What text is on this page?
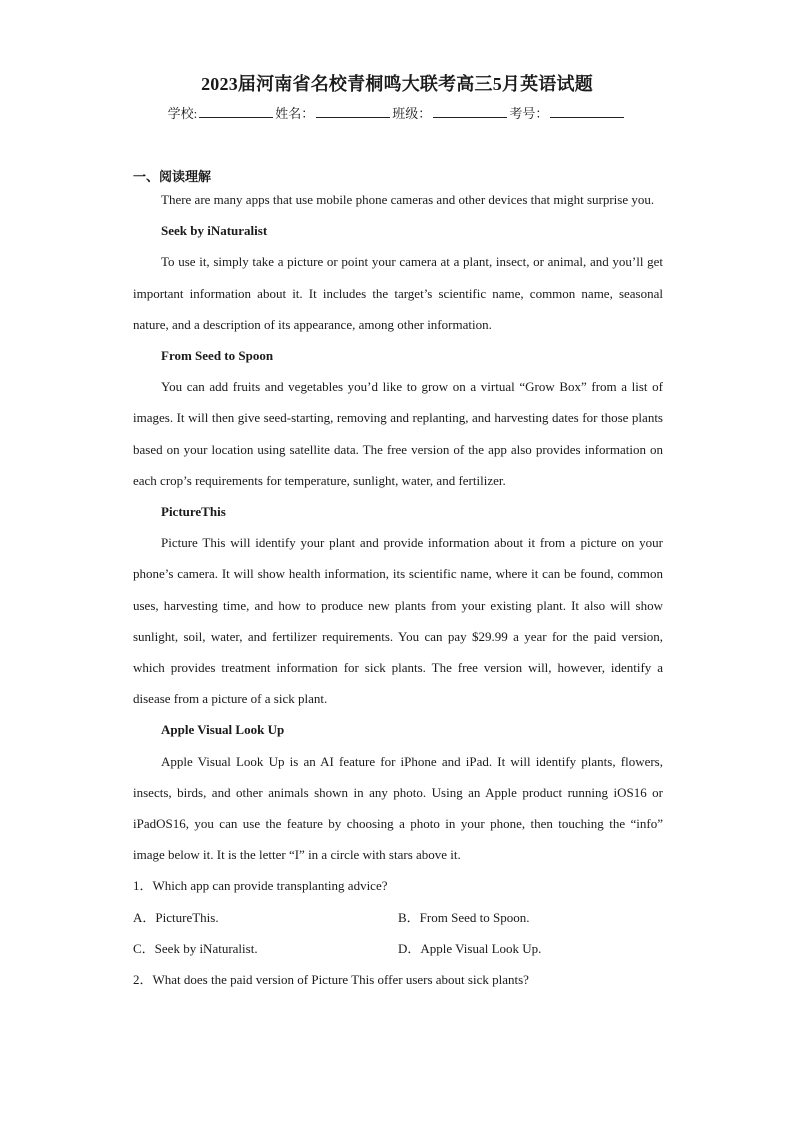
2023届河南省名校青桐鸣大联考高三5月英语试题
学校:	姓名：	班级：	考号：
一、阅读理解

There are many apps that use mobile phone cameras and other devices that might surprise you.

Seek by iNaturalist

To use it, simply take a picture or point your camera at a plant, insect, or animal, and you’ll get important information about it. It includes the target’s scientific name, common name, seasonal nature, and a description of its appearance, among other information.

From Seed to Spoon

You can add fruits and vegetables you’d like to grow on a virtual “Grow Box” from a list of images. It will then give seed-starting, removing and replanting, and harvesting dates for those plants based on your location using satellite data. The free version of the app also provides information on each crop’s requirements for temperature, sunlight, water, and fertilizer.

PictureThis

Picture This will identify your plant and provide information about it from a picture on your phone’s camera. It will show health information, its scientific name, where it can be found, common uses, harvesting time, and how to produce new plants from your existing plant. It also will show sunlight, soil, water, and fertilizer requirements. You can pay $29.99 a year for the paid version, which provides treatment information for sick plants. The free version will, however, identify a disease from a picture of a sick plant.

Apple Visual Look Up

Apple Visual Look Up is an AI feature for iPhone and iPad. It will identify plants, flowers, insects, birds, and other animals shown in any photo. Using an Apple product running iOS16 or iPadOS16, you can use the feature by choosing a photo in your phone, then touching the “info” image below it. It is the letter “I” in a circle with stars above it.

1．Which app can provide transplanting advice?

A．PictureThis.	B．From Seed to Spoon.
C．Seek by iNaturalist.	D．Apple Visual Look Up.

2．What does the paid version of Picture This offer users about sick plants?
